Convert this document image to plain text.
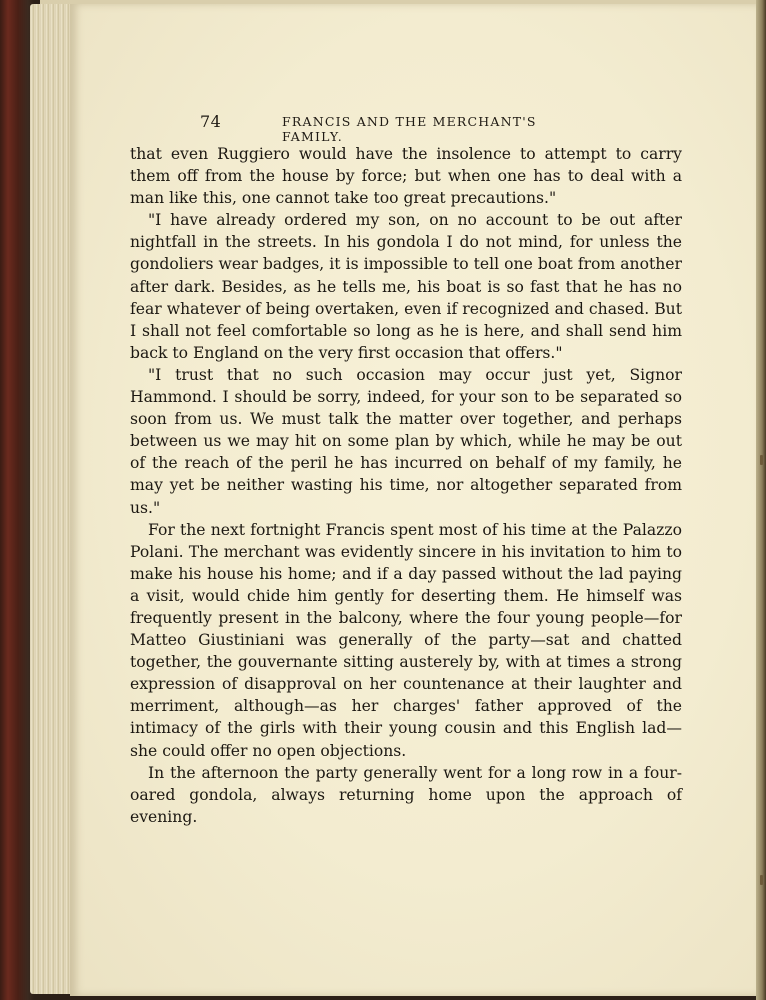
74	FRANCIS AND THE MERCHANT'S FAMILY.

that even Ruggiero would have the insolence to attempt to carry them off from the house by force; but when one has to deal with a man like this, one cannot take too great precautions."

"I have already ordered my son, on no account to be out after nightfall in the streets. In his gondola I do not mind, for unless the gondoliers wear badges, it is impossible to tell one boat from another after dark. Besides, as he tells me, his boat is so fast that he has no fear whatever of being overtaken, even if recognized and chased. But I shall not feel comfortable so long as he is here, and shall send him back to England on the very first occasion that offers."

"I trust that no such occasion may occur just yet, Signor Hammond. I should be sorry, indeed, for your son to be separated so soon from us. We must talk the matter over together, and perhaps between us we may hit on some plan by which, while he may be out of the reach of the peril he has incurred on behalf of my family, he may yet be neither wasting his time, nor altogether separated from us."

For the next fortnight Francis spent most of his time at the Palazzo Polani. The merchant was evidently sincere in his invitation to him to make his house his home; and if a day passed without the lad paying a visit, would chide him gently for deserting them. He himself was frequently present in the balcony, where the four young people—for Matteo Giustiniani was generally of the party—sat and chatted together, the gouvernante sitting austerely by, with at times a strong expression of disapproval on her countenance at their laughter and merriment, although—as her charges' father approved of the intimacy of the girls with their young cousin and this English lad—she could offer no open objections.

In the afternoon the party generally went for a long row in a four-oared gondola, always returning home upon the approach of evening.
